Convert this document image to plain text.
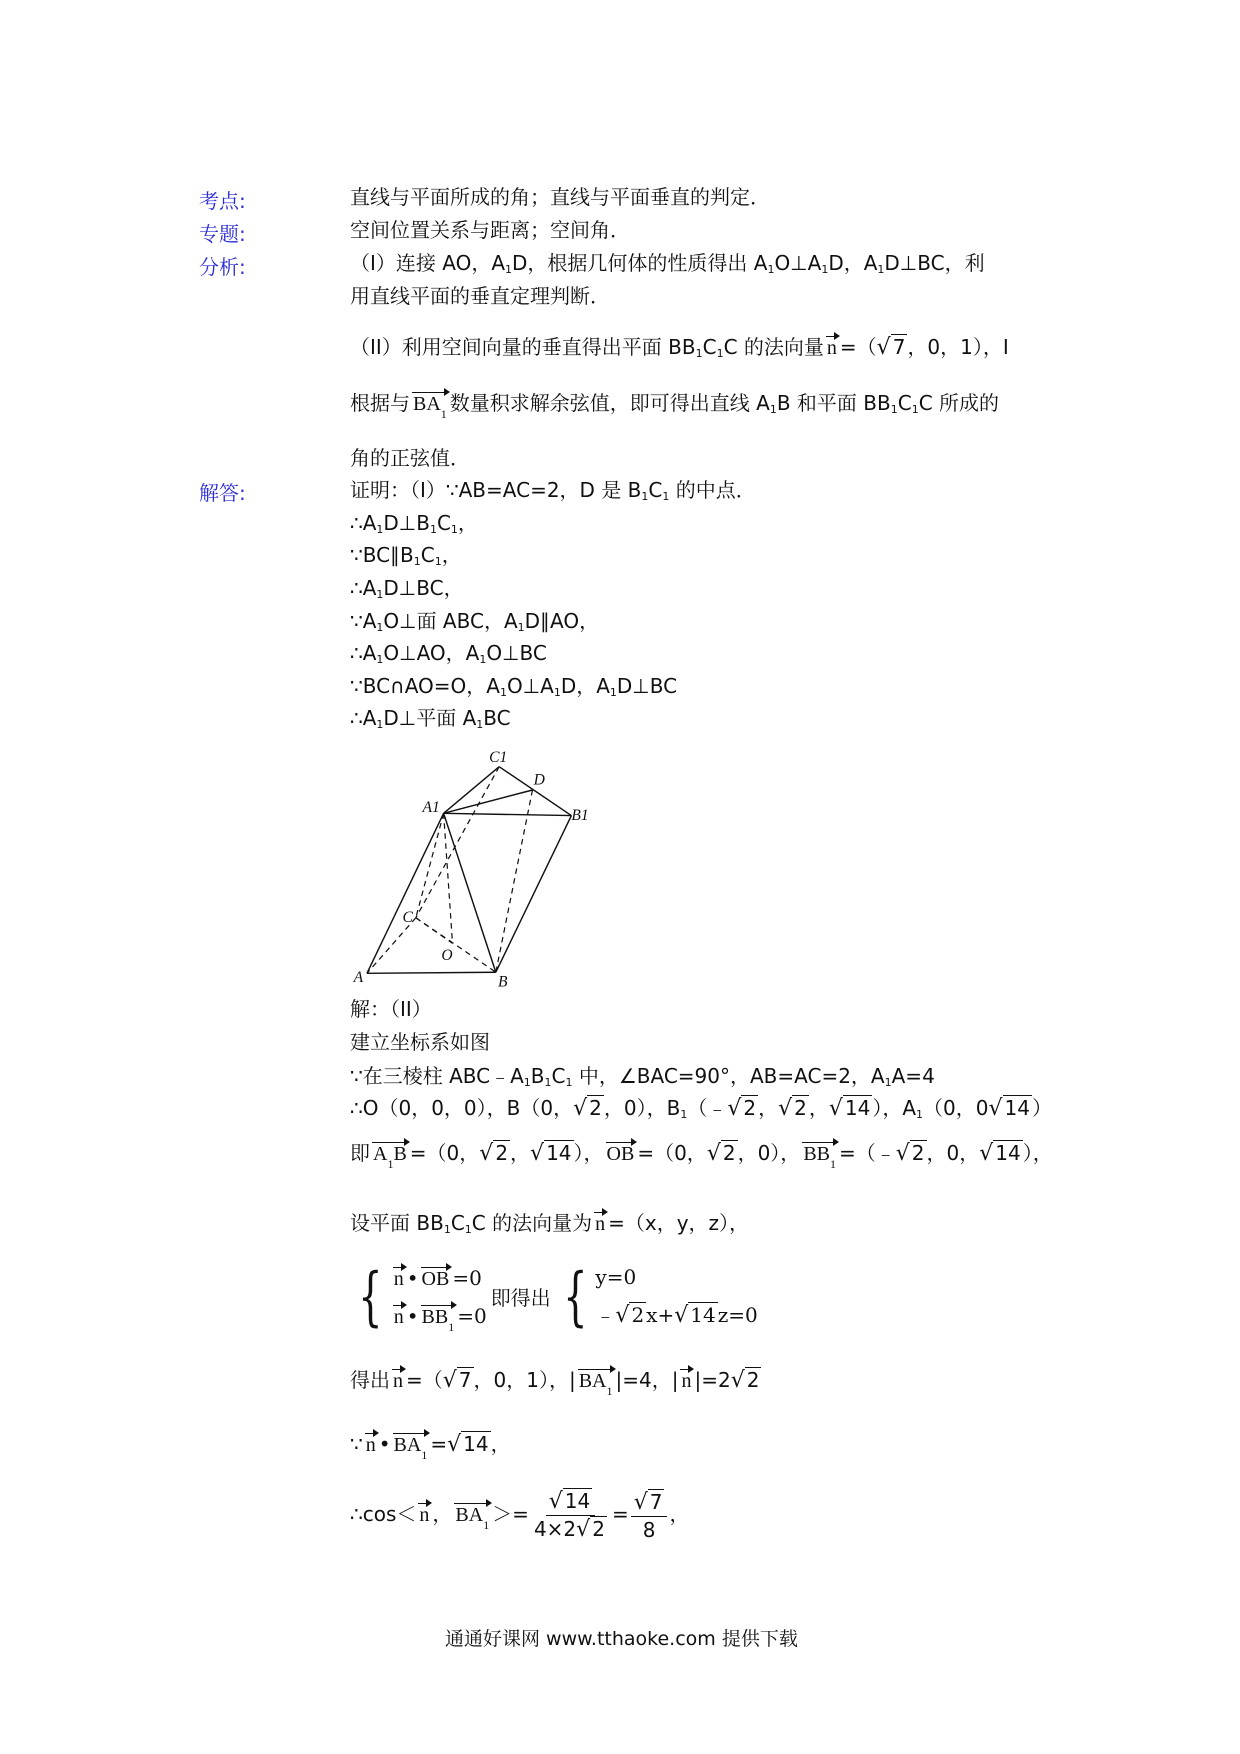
考点:
专题:
分析:
解答:
直线与平面所成的角；直线与平面垂直的判定．
空间位置关系与距离；空间角．
（I）连接 AO，$A_1D$，根据几何体的性质得出 $A_1O\perp A_1D$，$A_1D\perp BC$，利
用直线平面的垂直定理判断．
（II）利用空间向量的垂直得出平面 $BB_1C_1C$ 的法向量 n =（√ 7 ，0，1），I
根据与 $BA_1$ 数量积求解余弦值，即可得出直线 $A_1B$ 和平面 $BB_1C_1C$ 所成的
角的正弦值．
证明：（I）∵AB=AC=2，D 是 $B_1C_1$ 的中点．
$\therefore A_1D\perp B_1C_1$，
$\because BC\parallel B_1C_1$，
$\therefore A_1D\perp BC$，
$\because A_1O\perp$面 ABC，$A_1D\parallel AO$，
$\therefore A_1O\perp AO$，$A_1O\perp BC$
∵BC∩AO=O，$A_1O\perp A_1D$，$A_1D\perp BC$
$\therefore A_1D\perp$平面 $A_1BC$
C1
D
A1	B1
C
O
A	B
解：（II）
建立坐标系如图
∵在三棱柱 $ABC﹣A_1B_1C_1$ 中，∠BAC=90°，AB=AC=2，$A_1A=4$
∴O（0，0，0），B（0，√ 2 ，0），$B_1(﹣√$ 2 ，√ 2 ，√ 14 ），$A_1(0$，0√ 14 ）
即 $A_1B =(0$，√ 2 ，√ 14 ）， OB =（0，√ 2 ，0）， $BB_1$ =（﹣√ 2 ，0，√ 14 ），
设平面 $BB_1C_1C$ 的法向量为 n =（x，y，z），
{ n • OB =0
n • $BB_1 =0$
即得出 { y=0
﹣√ 2 x+√ 14 z=0
得出 n =（√ 7 ，0，1），| $BA_1$ |=4，| n |=2√ 2
∵ n • $BA_1$ =√ 14 ，
∴cos＜ n ， $BA_1 >= \frac{√ 14}{4\times 2√ 2} = \frac{√ 7}{8}$ ，
通通好课网 www.tthaoke.com 提供下载
